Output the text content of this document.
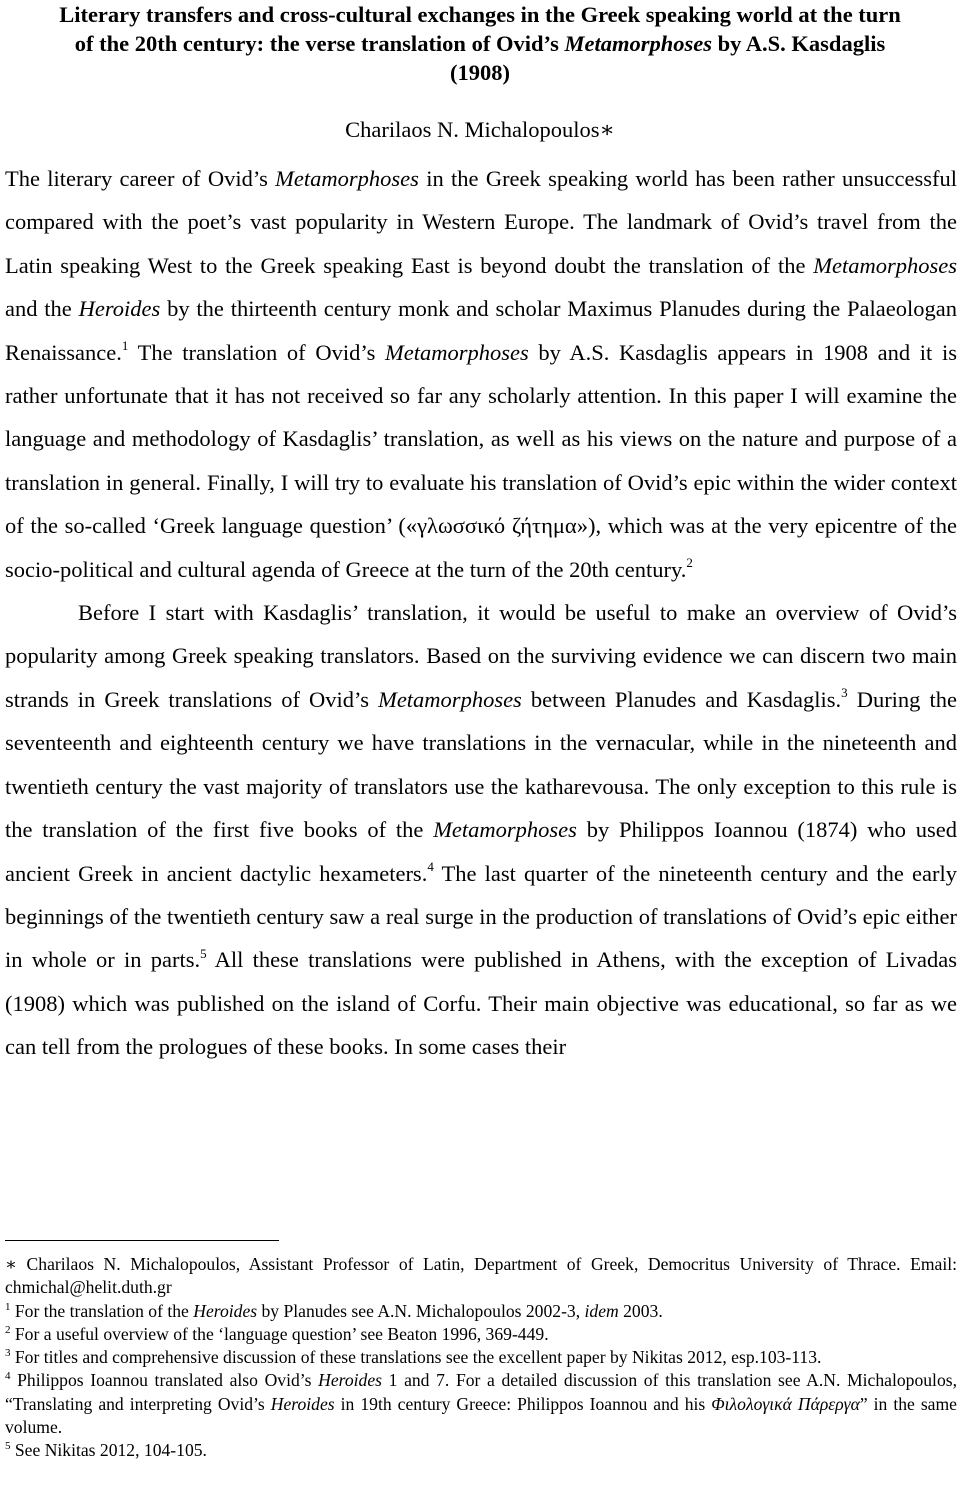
Literary transfers and cross-cultural exchanges in the Greek speaking world at the turn
of the 20th century: the verse translation of Ovid’s Metamorphoses by A.S. Kasdaglis
(1908)
Charilaos N. Michalopoulos∗

The literary career of Ovid’s Metamorphoses in the Greek speaking world has been rather unsuccessful compared with the poet’s vast popularity in Western Europe. The landmark of Ovid’s travel from the Latin speaking West to the Greek speaking East is beyond doubt the translation of the Metamorphoses and the Heroides by the thirteenth century monk and scholar Maximus Planudes during the Palaeologan Renaissance.$^1$ The translation of Ovid’s Metamorphoses by A.S. Kasdaglis appears in 1908 and it is rather unfortunate that it has not received so far any scholarly attention. In this paper I will examine the language and methodology of Kasdaglis’ translation, as well as his views on the nature and purpose of a translation in general. Finally, I will try to evaluate his translation of Ovid’s epic within the wider context of the so-called ‘Greek language question’ («γλωσσικό ζήτημα»), which was at the very epicentre of the socio-political and cultural agenda of Greece at the turn of the 20th century.$^2$

Before I start with Kasdaglis’ translation, it would be useful to make an overview of Ovid’s popularity among Greek speaking translators. Based on the surviving evidence we can discern two main strands in Greek translations of Ovid’s Metamorphoses between Planudes and Kasdaglis.$^3$ During the seventeenth and eighteenth century we have translations in the vernacular, while in the nineteenth and twentieth century the vast majority of translators use the katharevousa. The only exception to this rule is the translation of the first five books of the Metamorphoses by Philippos Ioannou (1874) who used ancient Greek in ancient dactylic hexameters.$^4$ The last quarter of the nineteenth century and the early beginnings of the twentieth century saw a real surge in the production of translations of Ovid’s epic either in whole or in parts.$^5$ All these translations were published in Athens, with the exception of Livadas (1908) which was published on the island of Corfu. Their main objective was educational, so far as we can tell from the prologues of these books. In some cases their

∗ Charilaos N. Michalopoulos, Assistant Professor of Latin, Department of Greek, Democritus University of Thrace. Email: chmichal@helit.duth.gr

$^1$ For the translation of the Heroides by Planudes see A.N. Michalopoulos 2002-3, idem 2003.

$^2$ For a useful overview of the ‘language question’ see Beaton 1996, 369-449.

$^3$ For titles and comprehensive discussion of these translations see the excellent paper by Nikitas 2012, esp.103-113.

$^4$ Philippos Ioannou translated also Ovid’s Heroides 1 and 7. For a detailed discussion of this translation see A.N. Michalopoulos, “Translating and interpreting Ovid’s Heroides in 19th century Greece: Philippos Ioannou and his Φιλολογικά Πάρεργα” in the same volume.

$^5$ See Nikitas 2012, 104-105.
